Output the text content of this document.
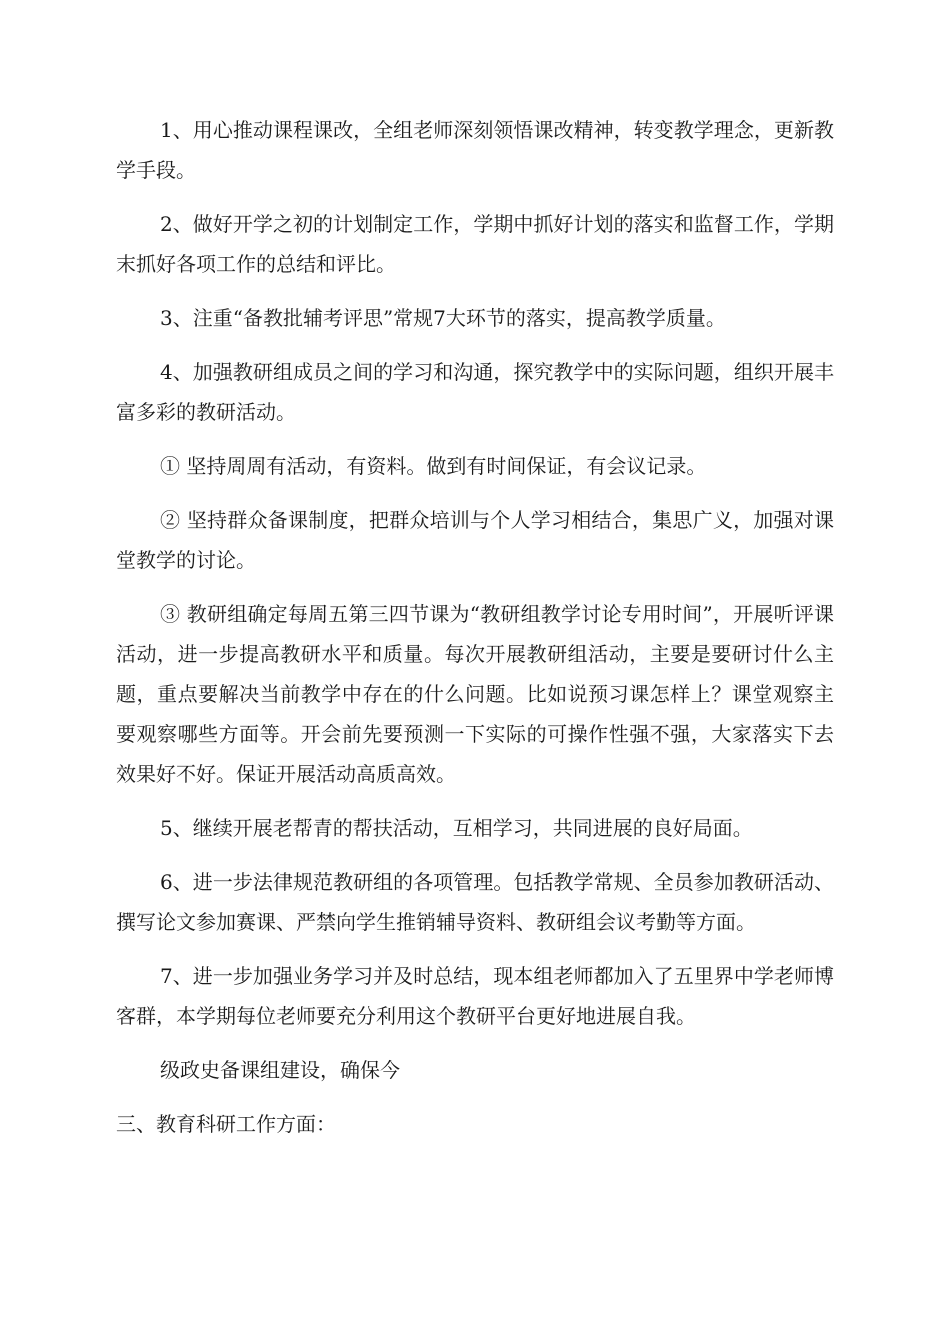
1、用心推动课程课改，全组老师深刻领悟课改精神，转变教学理念，更新教学手段。

2、做好开学之初的计划制定工作，学期中抓好计划的落实和监督工作，学期末抓好各项工作的总结和评比。

3、注重“备教批辅考评思”常规7大环节的落实，提高教学质量。

4、加强教研组成员之间的学习和沟通，探究教学中的实际问题，组织开展丰富多彩的教研活动。

① 坚持周周有活动，有资料。做到有时间保证，有会议记录。

② 坚持群众备课制度，把群众培训与个人学习相结合，集思广义，加强对课堂教学的讨论。

③ 教研组确定每周五第三四节课为“教研组教学讨论专用时间”，开展听评课活动，进一步提高教研水平和质量。每次开展教研组活动，主要是要研讨什么主题，重点要解决当前教学中存在的什么问题。比如说预习课怎样上？课堂观察主要观察哪些方面等。开会前先要预测一下实际的可操作性强不强，大家落实下去效果好不好。保证开展活动高质高效。

5、继续开展老帮青的帮扶活动，互相学习，共同进展的良好局面。

6、进一步法律规范教研组的各项管理。包括教学常规、全员参加教研活动、撰写论文参加赛课、严禁向学生推销辅导资料、教研组会议考勤等方面。

7、进一步加强业务学习并及时总结，现本组老师都加入了五里界中学老师博客群，本学期每位老师要充分利用这个教研平台更好地进展自我。

级政史备课组建设，确保今

三、教育科研工作方面：
